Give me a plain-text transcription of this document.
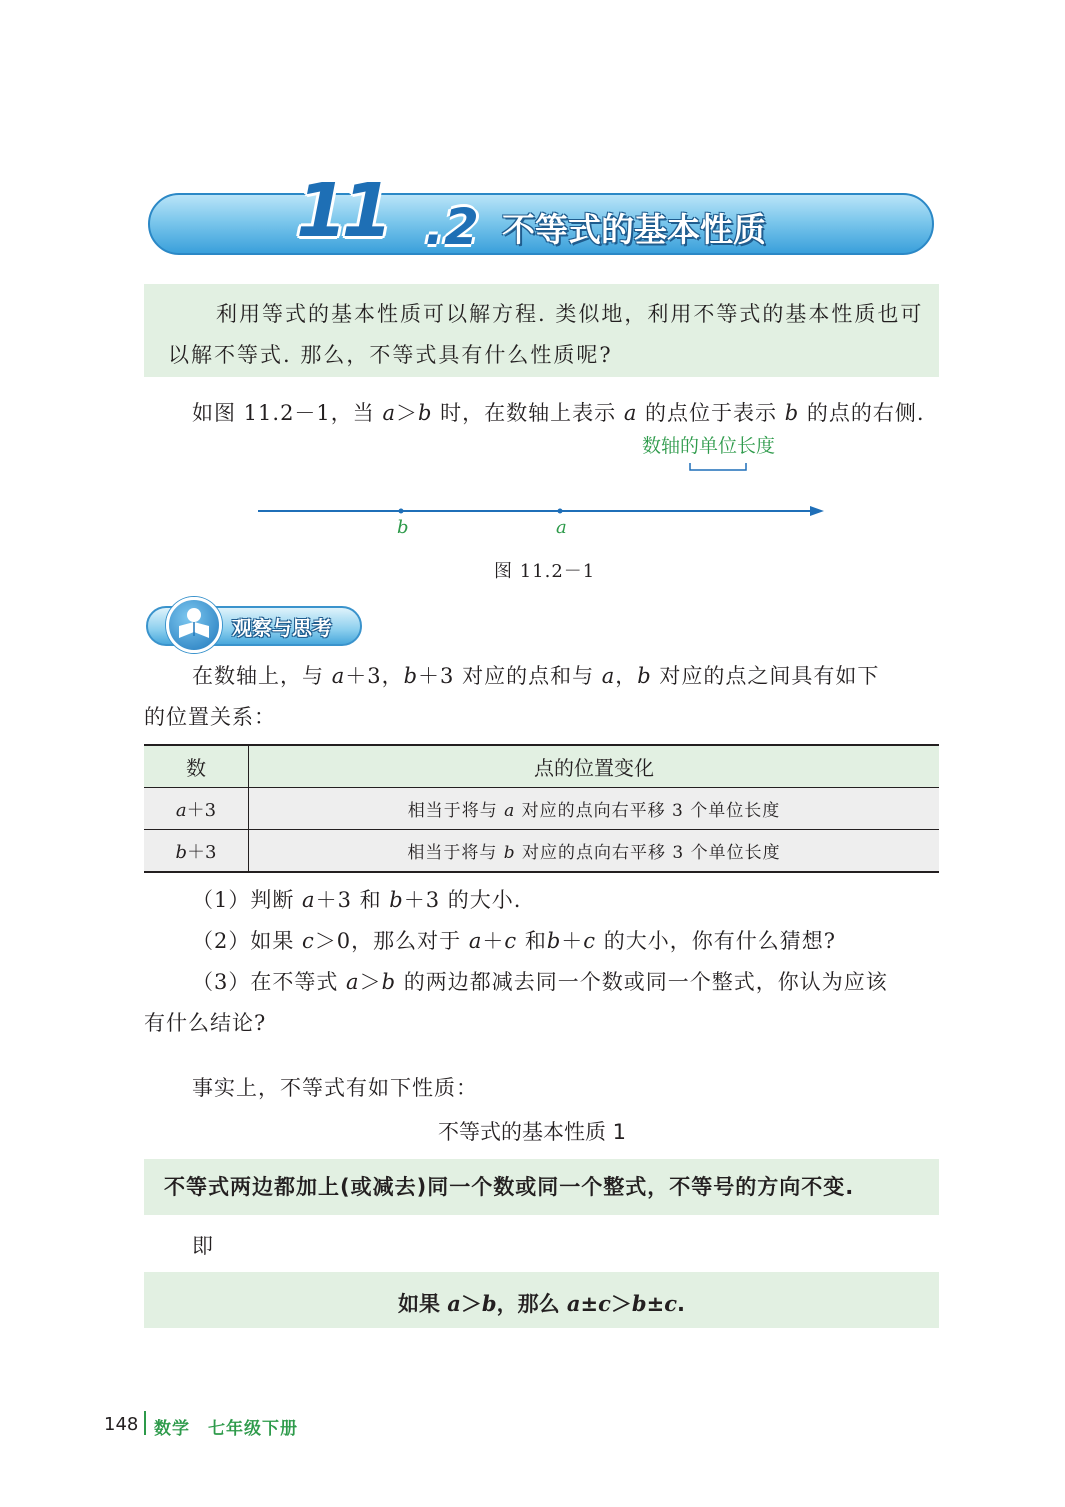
11 .2 不等式的基本性质
利用等式的基本性质可以解方程. 类似地，利用不等式的基本性质也可以解不等式. 那么，不等式具有什么性质呢?
如图 11.2－1，当 a＞b 时，在数轴上表示 a 的点位于表示 b 的点的右侧.
数轴的单位长度
b	a
图 11.2－1
观察与思考
在数轴上，与 a＋3，b＋3 对应的点和与 a，b 对应的点之间具有如下
的位置关系：
数	点的位置变化
a＋3	相当于将与 a 对应的点向右平移 3 个单位长度
b＋3	相当于将与 b 对应的点向右平移 3 个单位长度
（1）判断 a＋3 和 b＋3 的大小.
（2）如果 c＞0，那么对于 a＋c 和b＋c 的大小，你有什么猜想?
（3）在不等式 a＞b 的两边都减去同一个数或同一个整式，你认为应该
有什么结论?
事实上，不等式有如下性质：
不等式的基本性质 1
不等式两边都加上(或减去)同一个数或同一个整式，不等号的方向不变.
即
如果 a＞b，那么 a±c＞b±c.
148 数学　七年级下册
